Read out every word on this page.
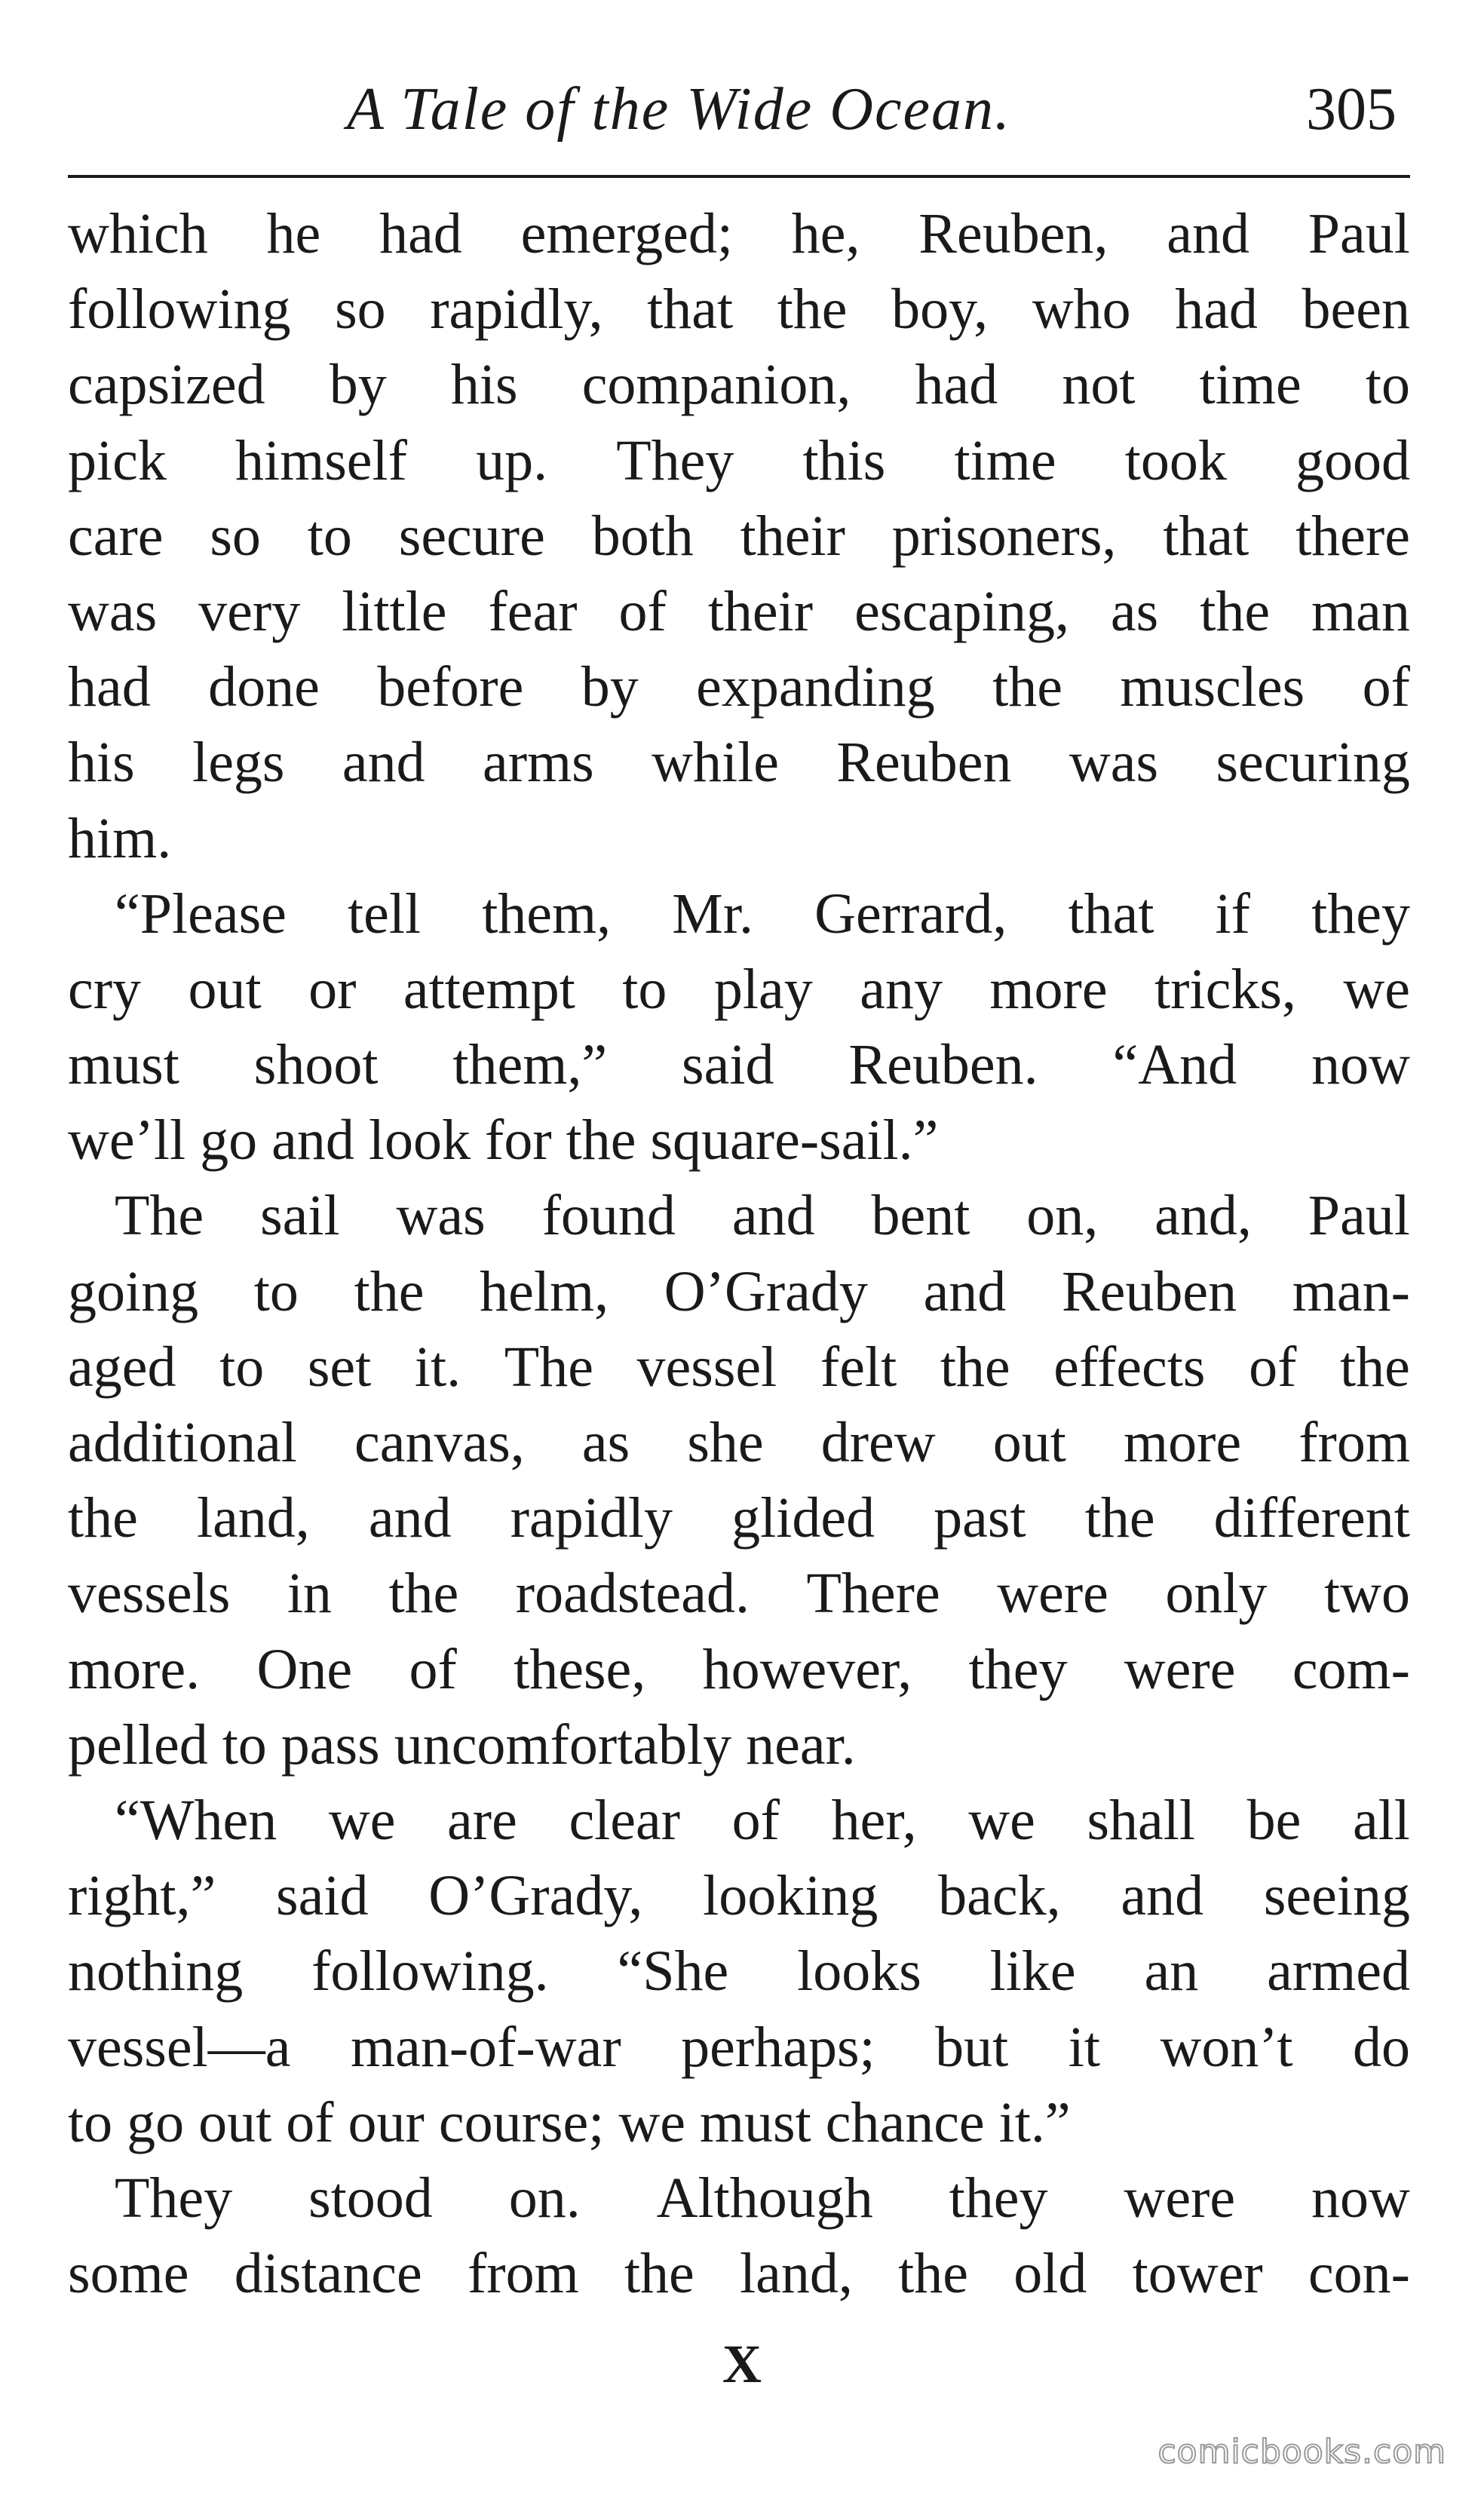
A Tale of the Wide Ocean.	305
which he had emerged; he, Reuben, and Paul
following so rapidly, that the boy, who had been
capsized by his companion, had not time to
pick himself up. They this time took good
care so to secure both their prisoners, that there
was very little fear of their escaping, as the man
had done before by expanding the muscles of
his legs and arms while Reuben was securing
him.
“Please tell them, Mr. Gerrard, that if they
cry out or attempt to play any more tricks, we
must shoot them,” said Reuben. “And now
we’ll go and look for the square-sail.”
The sail was found and bent on, and, Paul
going to the helm, O’Grady and Reuben man-
aged to set it. The vessel felt the effects of the
additional canvas, as she drew out more from
the land, and rapidly glided past the different
vessels in the roadstead. There were only two
more. One of these, however, they were com-
pelled to pass uncomfortably near.
“When we are clear of her, we shall be all
right,” said O’Grady, looking back, and seeing
nothing following. “She looks like an armed
vessel—a man-of-war perhaps; but it won’t do
to go out of our course; we must chance it.”
They stood on. Although they were now
some distance from the land, the old tower con-
X
comicbooks.com
